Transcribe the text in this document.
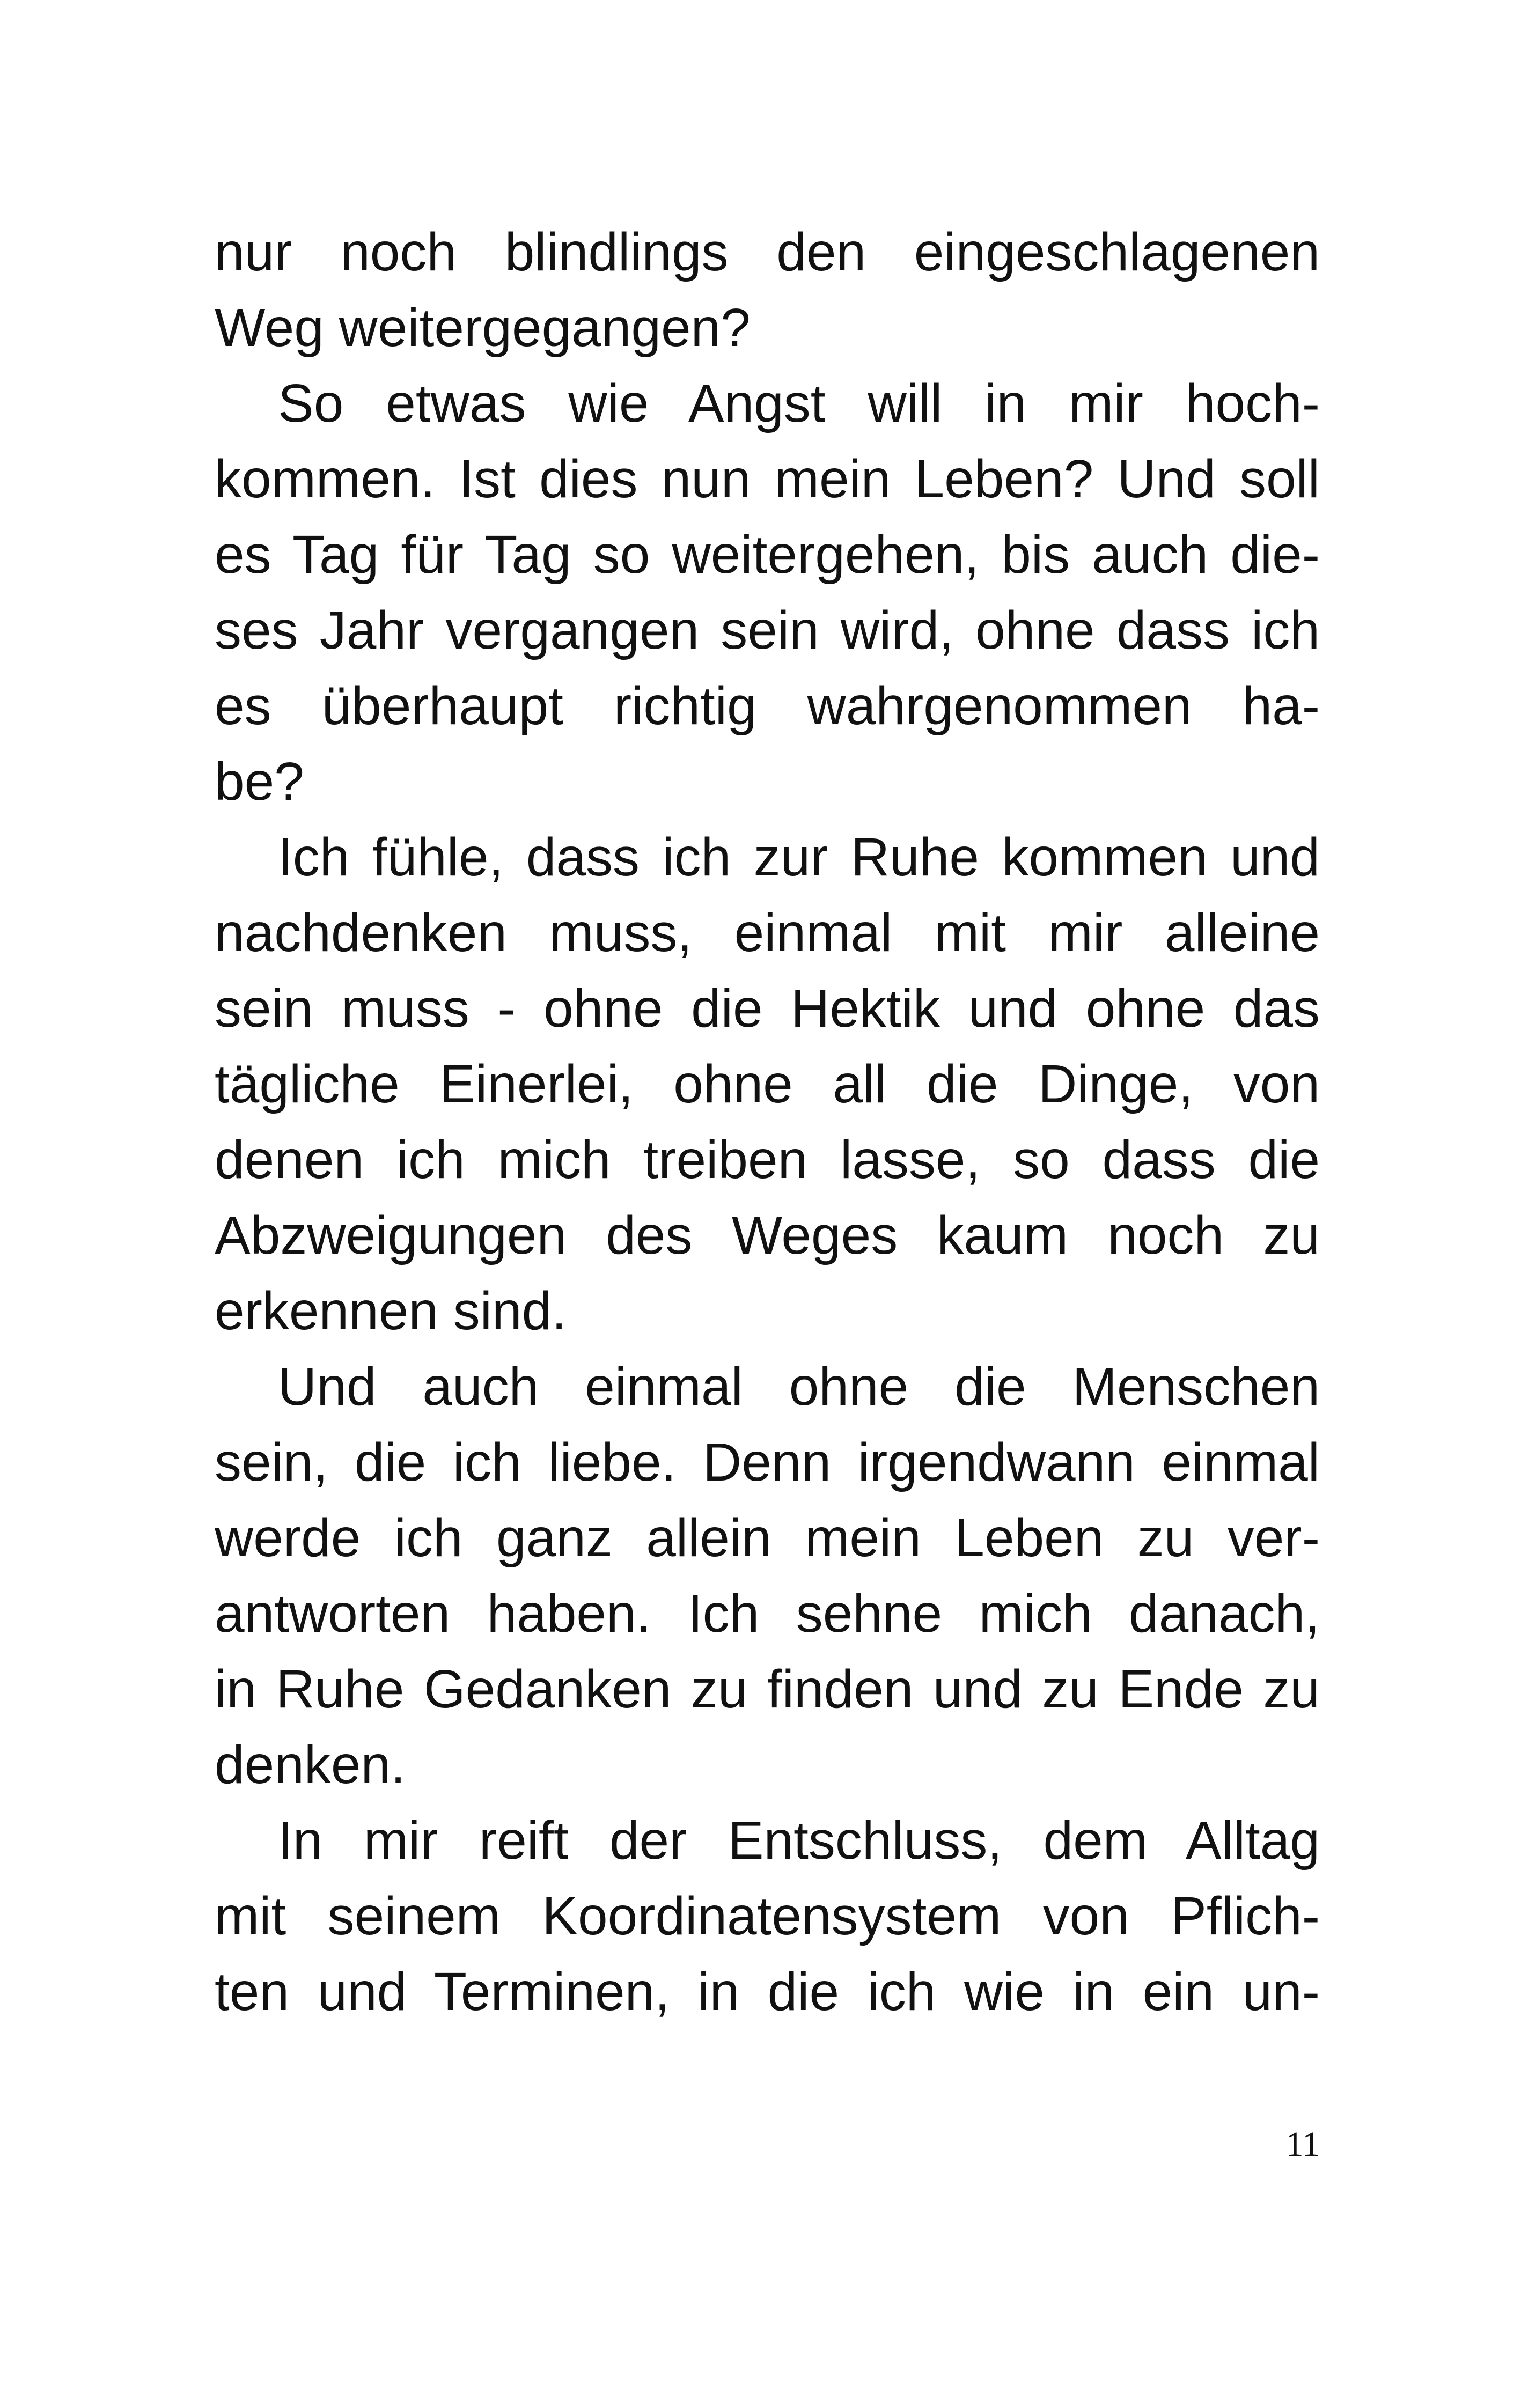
nur noch blindlings den eingeschlagenen
Weg weitergegangen?
So etwas wie Angst will in mir hoch-
kommen. Ist dies nun mein Leben? Und soll
es Tag für Tag so weitergehen, bis auch die-
ses Jahr vergangen sein wird, ohne dass ich
es überhaupt richtig wahrgenommen ha-
be?
Ich fühle, dass ich zur Ruhe kommen und
nachdenken muss, einmal mit mir alleine
sein muss - ohne die Hektik und ohne das
tägliche Einerlei, ohne all die Dinge, von
denen ich mich treiben lasse, so dass die
Abzweigungen des Weges kaum noch zu
erkennen sind.
Und auch einmal ohne die Menschen
sein, die ich liebe. Denn irgendwann einmal
werde ich ganz allein mein Leben zu ver-
antworten haben. Ich sehne mich danach,
in Ruhe Gedanken zu finden und zu Ende zu
denken.
In mir reift der Entschluss, dem Alltag
mit seinem Koordinatensystem von Pflich-
ten und Terminen, in die ich wie in ein un-
11
